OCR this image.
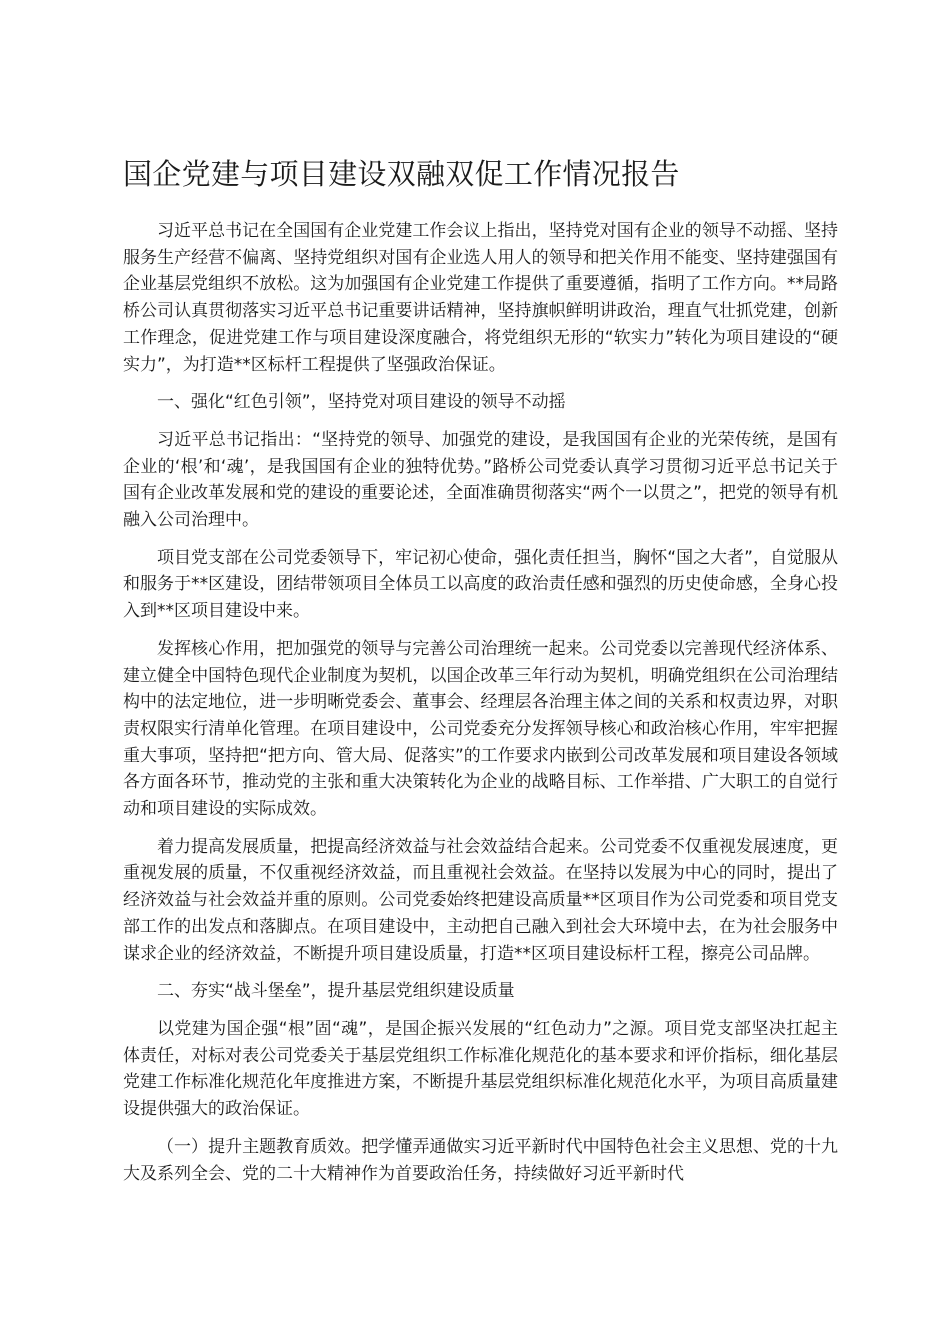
国企党建与项目建设双融双促工作情况报告

习近平总书记在全国国有企业党建工作会议上指出，坚持党对国有企业的领导不动摇、坚持服务生产经营不偏离、坚持党组织对国有企业选人用人的领导和把关作用不能变、坚持建强国有企业基层党组织不放松。这为加强国有企业党建工作提供了重要遵循，指明了工作方向。**局路桥公司认真贯彻落实习近平总书记重要讲话精神，坚持旗帜鲜明讲政治，理直气壮抓党建，创新工作理念，促进党建工作与项目建设深度融合，将党组织无形的“软实力”转化为项目建设的“硬实力”，为打造**区标杆工程提供了坚强政治保证。

一、强化“红色引领”，坚持党对项目建设的领导不动摇

习近平总书记指出：“坚持党的领导、加强党的建设，是我国国有企业的光荣传统，是国有企业的‘根’和‘魂’，是我国国有企业的独特优势。”路桥公司党委认真学习贯彻习近平总书记关于国有企业改革发展和党的建设的重要论述，全面准确贯彻落实“两个一以贯之”，把党的领导有机融入公司治理中。

项目党支部在公司党委领导下，牢记初心使命，强化责任担当，胸怀“国之大者”，自觉服从和服务于**区建设，团结带领项目全体员工以高度的政治责任感和强烈的历史使命感，全身心投入到**区项目建设中来。

发挥核心作用，把加强党的领导与完善公司治理统一起来。公司党委以完善现代经济体系、建立健全中国特色现代企业制度为契机，以国企改革三年行动为契机，明确党组织在公司治理结构中的法定地位，进一步明晰党委会、董事会、经理层各治理主体之间的关系和权责边界，对职责权限实行清单化管理。在项目建设中，公司党委充分发挥领导核心和政治核心作用，牢牢把握重大事项，坚持把“把方向、管大局、促落实”的工作要求内嵌到公司改革发展和项目建设各领域各方面各环节，推动党的主张和重大决策转化为企业的战略目标、工作举措、广大职工的自觉行动和项目建设的实际成效。

着力提高发展质量，把提高经济效益与社会效益结合起来。公司党委不仅重视发展速度，更重视发展的质量，不仅重视经济效益，而且重视社会效益。在坚持以发展为中心的同时，提出了经济效益与社会效益并重的原则。公司党委始终把建设高质量**区项目作为公司党委和项目党支部工作的出发点和落脚点。在项目建设中，主动把自己融入到社会大环境中去，在为社会服务中谋求企业的经济效益，不断提升项目建设质量，打造**区项目建设标杆工程，擦亮公司品牌。

二、夯实“战斗堡垒”，提升基层党组织建设质量

以党建为国企强“根”固“魂”，是国企振兴发展的“红色动力”之源。项目党支部坚决扛起主体责任，对标对表公司党委关于基层党组织工作标准化规范化的基本要求和评价指标，细化基层党建工作标准化规范化年度推进方案，不断提升基层党组织标准化规范化水平，为项目高质量建设提供强大的政治保证。

（一）提升主题教育质效。把学懂弄通做实习近平新时代中国特色社会主义思想、党的十九大及系列全会、党的二十大精神作为首要政治任务，持续做好习近平新时代
